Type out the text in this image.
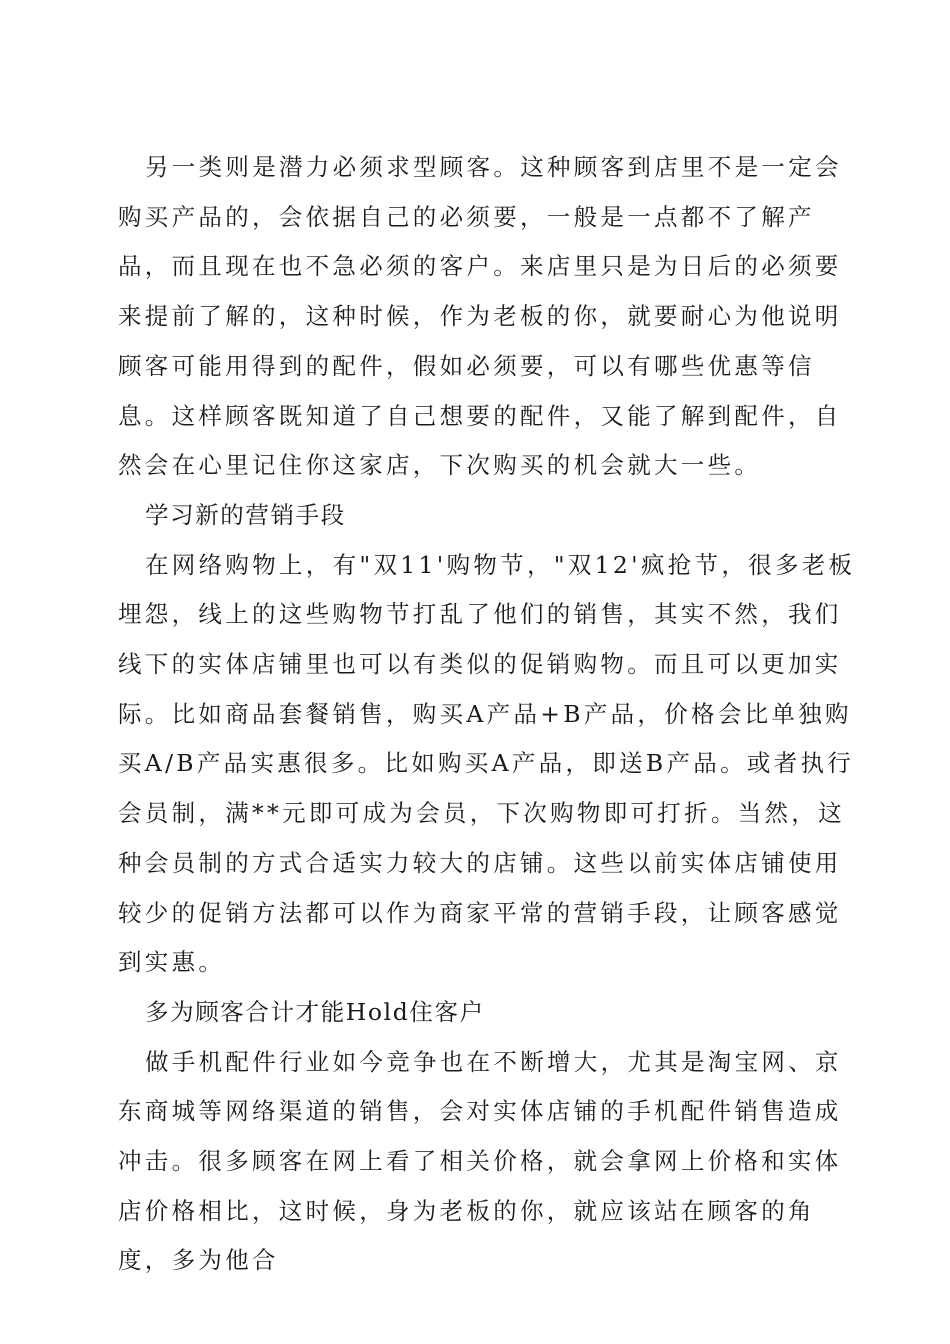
另一类则是潜力必须求型顾客。这种顾客到店里不是一定会购买产品的，会依据自己的必须要，一般是一点都不了解产品，而且现在也不急必须的客户。来店里只是为日后的必须要来提前了解的，这种时候，作为老板的你，就要耐心为他说明顾客可能用得到的配件，假如必须要，可以有哪些优惠等信息。这样顾客既知道了自己想要的配件，又能了解到配件，自然会在心里记住你这家店，下次购买的机会就大一些。

学习新的营销手段

在网络购物上，有"双11'购物节，"双12'疯抢节，很多老板埋怨，线上的这些购物节打乱了他们的销售，其实不然，我们线下的实体店铺里也可以有类似的促销购物。而且可以更加实际。比如商品套餐销售，购买A产品+B产品，价格会比单独购买A/B产品实惠很多。比如购买A产品，即送B产品。或者执行会员制，满**元即可成为会员，下次购物即可打折。当然，这种会员制的方式合适实力较大的店铺。这些以前实体店铺使用较少的促销方法都可以作为商家平常的营销手段，让顾客感觉到实惠。

多为顾客合计才能Hold住客户

做手机配件行业如今竞争也在不断增大，尤其是淘宝网、京东商城等网络渠道的销售，会对实体店铺的手机配件销售造成冲击。很多顾客在网上看了相关价格，就会拿网上价格和实体店价格相比，这时候，身为老板的你，就应该站在顾客的角度，多为他合
